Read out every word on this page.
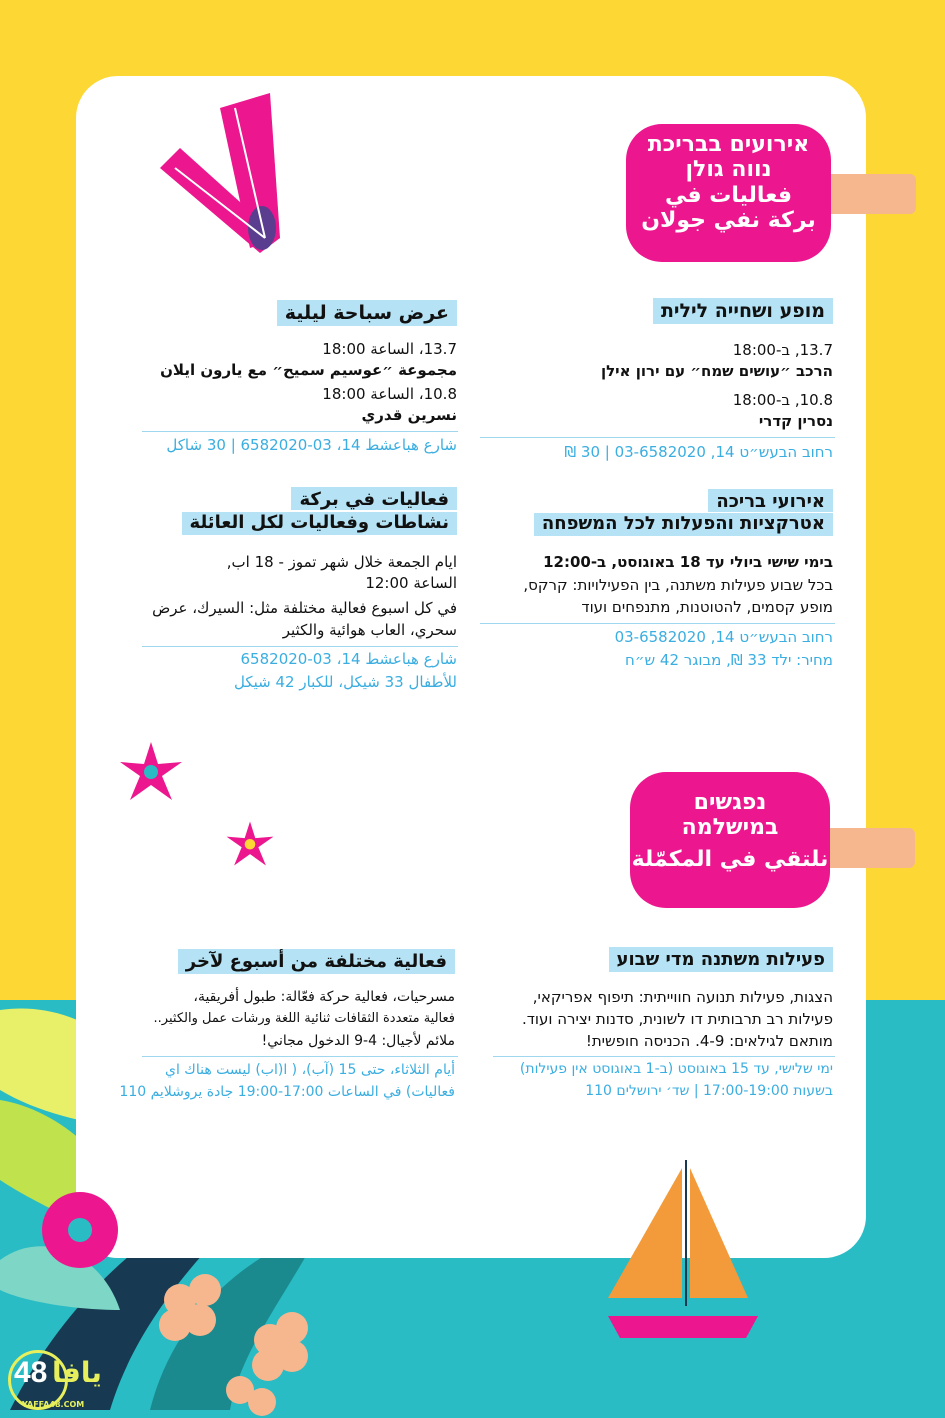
אירועים בבריכת
נווה גולן
فعاليات في
بركة نفي جولان
נפגשים
במישלמה
نلتقي في المكمّلة
מופע ושחייה לילית
13.7, ב-18:00
הרכב ״עושים שמח״ עם ירון אילן
10.8, ב-18:00
נסרין קדרי
רחוב הבעש״ט 14, 03-6582020 | 30 ₪
عرض سباحة ليلية
13.7، الساعة 18:00
مجموعة ״عوسيم سميح״ مع يارون ايلان
10.8، الساعة 18:00
نسرين قدري
شارع هباعشط 14، 03-6582020 | 30 شاكل
אירועי בריכה
אטרקציות והפעלות לכל המשפחה
בימי שישי ביולי עד 18 באוגוסט, ב-12:00
בכל שבוע פעילות משתנה, בין הפעילויות: קרקס,
מופע קסמים, להטוטנות, מתנפחים ועוד
רחוב הבעש״ט 14, 03-6582020
מחיר: ילד 33 ₪, מבוגר 42 ש״ח
فعاليات في بركة
نشاطات وفعاليات لكل العائلة
ايام الجمعة خلال شهر تموز - 18 اب,
الساعة 12:00
في كل اسبوع فعالية مختلفة مثل: السيرك، عرض
سحري، العاب هوائية والكثير
شارع هباعشط 14، 03-6582020
للأطفال 33 شيكل، للكبار 42 شيكل
פעילות משתנה מדי שבוע
הצגות, פעילות תנועה חווייתית: תיפוף אפריקאי,
פעילות רב תרבותית דו לשונית, סדנות יצירה ועוד.
מותאם לגילאים: 4-9. הכניסה חופשית!
ימי שלישי, עד 15 באוגוסט (ב-1 באוגוסט אין פעילות)
בשעות 17:00-19:00 | שד׳ ירושלים 110
فعالية مختلفة من أسبوع لآخر
مسرحيات، فعالية حركة فعّالة: طبول أفريقية،
فعالية متعددة الثقافات ثنائية اللغة ورشات عمل والكثير..
ملائم لأجيال: 4-9 الدخول مجاني!
أيام الثلاثاء، حتى 15 (آب)، ( ا(اب) ليست هناك اي
فعاليات) في الساعات 17:00-19:00 جادة يروشلايم 110
48 يافا
YAFFA48.COM
